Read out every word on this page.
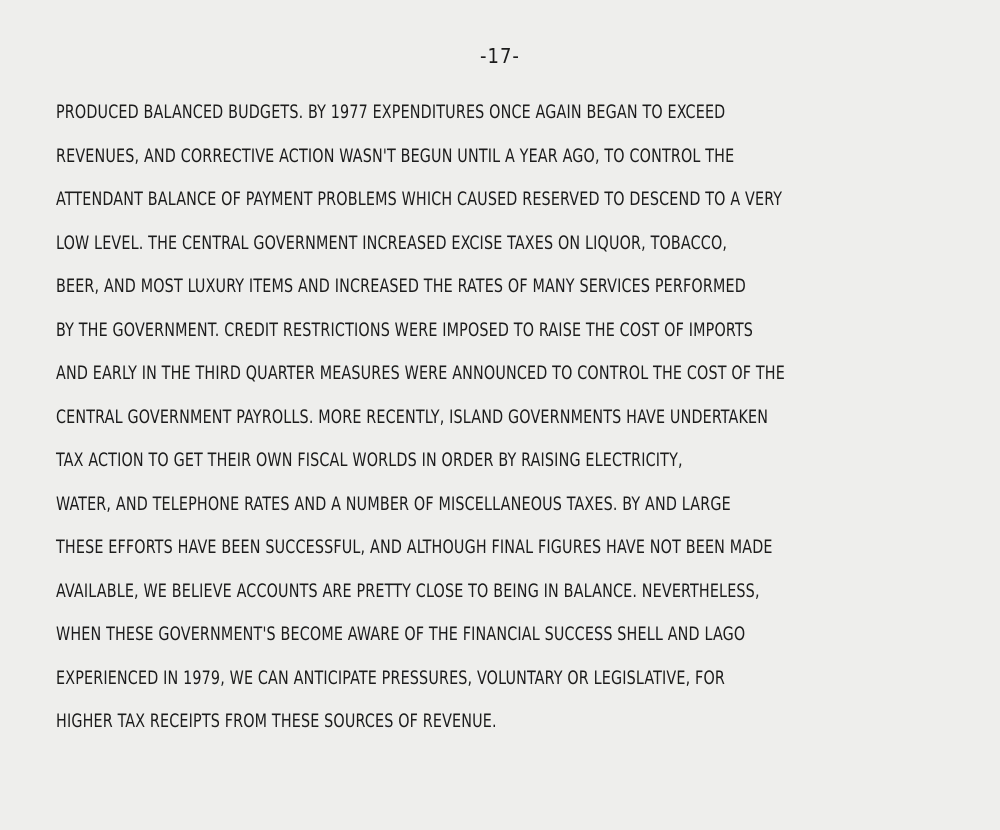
-17-
PRODUCED BALANCED BUDGETS. BY 1977 EXPENDITURES ONCE AGAIN BEGAN TO EXCEED
REVENUES, AND CORRECTIVE ACTION WASN'T BEGUN UNTIL A YEAR AGO, TO CONTROL THE
ATTENDANT BALANCE OF PAYMENT PROBLEMS WHICH CAUSED RESERVED TO DESCEND TO A VERY
LOW LEVEL. THE CENTRAL GOVERNMENT INCREASED EXCISE TAXES ON LIQUOR, TOBACCO,
BEER, AND MOST LUXURY ITEMS AND INCREASED THE RATES OF MANY SERVICES PERFORMED
BY THE GOVERNMENT. CREDIT RESTRICTIONS WERE IMPOSED TO RAISE THE COST OF IMPORTS
AND EARLY IN THE THIRD QUARTER MEASURES WERE ANNOUNCED TO CONTROL THE COST OF THE
CENTRAL GOVERNMENT PAYROLLS. MORE RECENTLY, ISLAND GOVERNMENTS HAVE UNDERTAKEN
TAX ACTION TO GET THEIR OWN FISCAL WORLDS IN ORDER BY RAISING ELECTRICITY,
WATER, AND TELEPHONE RATES AND A NUMBER OF MISCELLANEOUS TAXES. BY AND LARGE
THESE EFFORTS HAVE BEEN SUCCESSFUL, AND ALTHOUGH FINAL FIGURES HAVE NOT BEEN MADE
AVAILABLE, WE BELIEVE ACCOUNTS ARE PRETTY CLOSE TO BEING IN BALANCE. NEVERTHELESS,
WHEN THESE GOVERNMENT'S BECOME AWARE OF THE FINANCIAL SUCCESS SHELL AND LAGO
EXPERIENCED IN 1979, WE CAN ANTICIPATE PRESSURES, VOLUNTARY OR LEGISLATIVE, FOR
HIGHER TAX RECEIPTS FROM THESE SOURCES OF REVENUE.
